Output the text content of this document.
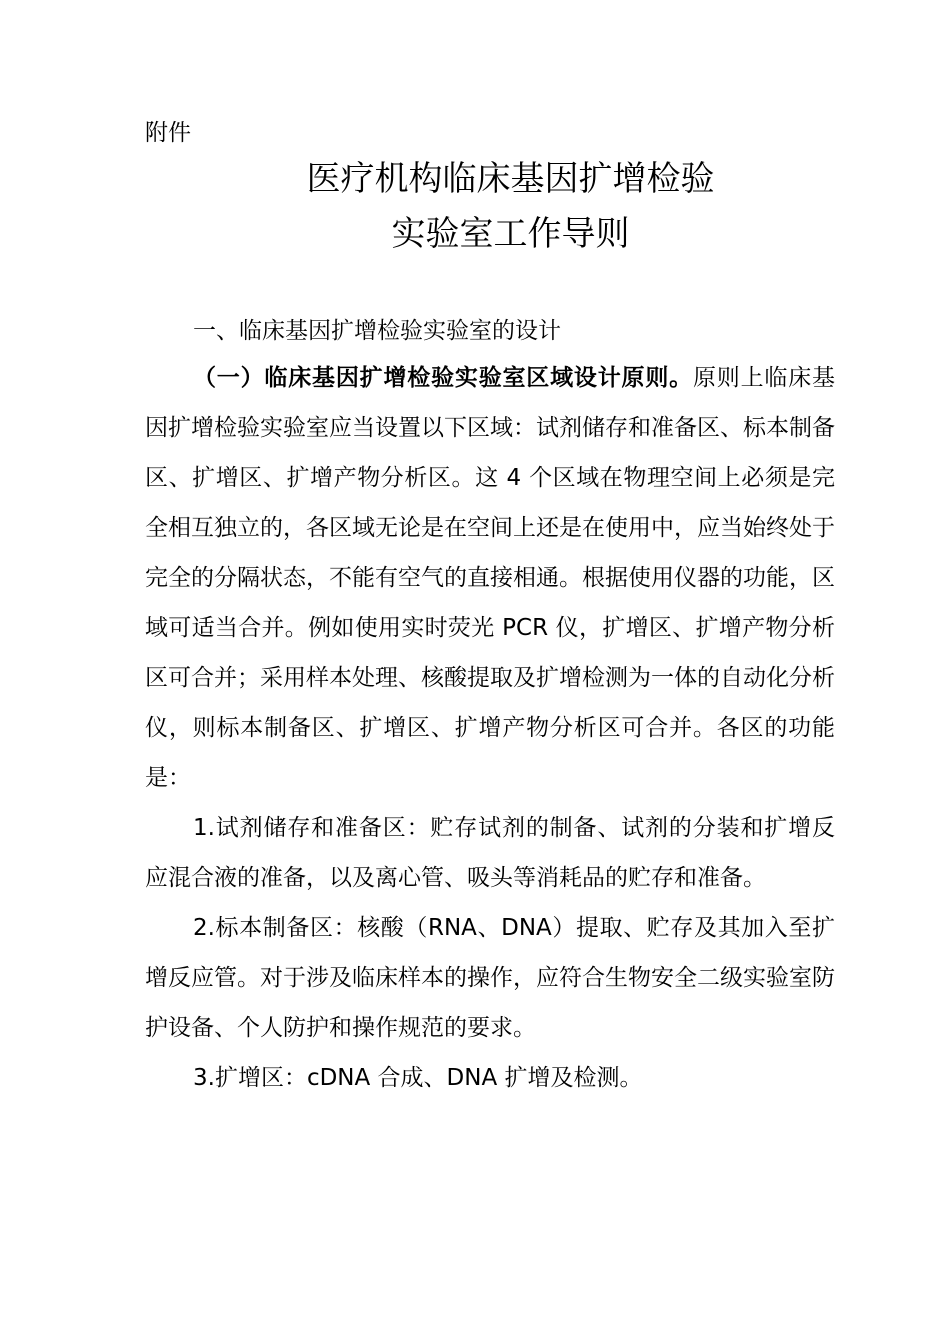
附件

医疗机构临床基因扩增检验
实验室工作导则
一、临床基因扩增检验实验室的设计

（一）临床基因扩增检验实验室区域设计原则。原则上临床基因扩增检验实验室应当设置以下区域：试剂储存和准备区、标本制备区、扩增区、扩增产物分析区。这 4 个区域在物理空间上必须是完全相互独立的，各区域无论是在空间上还是在使用中，应当始终处于完全的分隔状态，不能有空气的直接相通。根据使用仪器的功能，区域可适当合并。例如使用实时荧光 PCR 仪，扩增区、扩增产物分析区可合并；采用样本处理、核酸提取及扩增检测为一体的自动化分析仪，则标本制备区、扩增区、扩增产物分析区可合并。各区的功能是：

1.试剂储存和准备区：贮存试剂的制备、试剂的分装和扩增反应混合液的准备，以及离心管、吸头等消耗品的贮存和准备。

2.标本制备区：核酸（RNA、DNA）提取、贮存及其加入至扩增反应管。对于涉及临床样本的操作，应符合生物安全二级实验室防护设备、个人防护和操作规范的要求。

3.扩增区：cDNA 合成、DNA 扩增及检测。
